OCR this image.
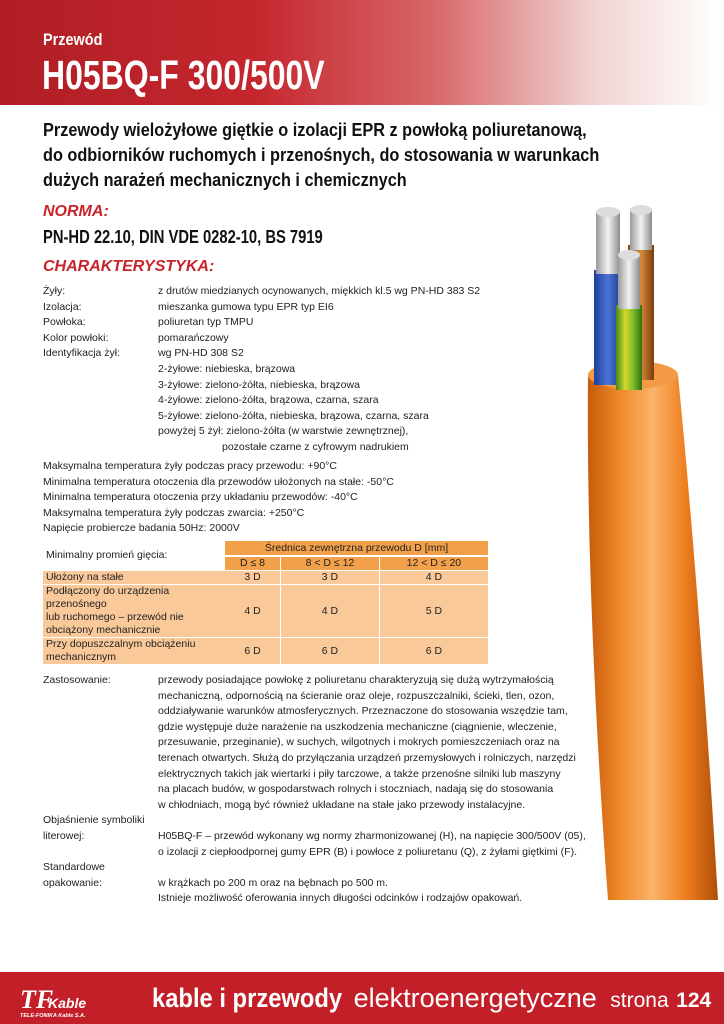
Przewód
H05BQ-F 300/500V
Przewody wielożyłowe giętkie o izolacji EPR z powłoką poliuretanową,
do odbiorników ruchomych i przenośnych, do stosowania w warunkach
dużych narażeń mechanicznych i chemicznych
NORMA:
PN-HD 22.10, DIN VDE 0282-10, BS 7919
CHARAKTERYSTYKA:
Żyły:	z drutów miedzianych ocynowanych, miękkich kl.5 wg PN-HD 383 S2
Izolacja:	mieszanka gumowa typu EPR typ EI6
Powłoka:	poliuretan typ TMPU
Kolor powłoki:	pomarańczowy
Identyfikacja żył:	wg PN-HD 308 S2
2-żyłowe: niebieska, brązowa
3-żyłowe: zielono-żółta, niebieska, brązowa
4-żyłowe: zielono-żółta, brązowa, czarna, szara
5-żyłowe: zielono-żółta, niebieska, brązowa, czarna, szara
powyżej 5 żył: zielono-żółta (w warstwie zewnętrznej),
pozostałe czarne z cyfrowym nadrukiem
Maksymalna temperatura żyły podczas pracy przewodu: +90°C
Minimalna temperatura otoczenia dla przewodów ułożonych na stałe: -50°C
Minimalna temperatura otoczenia przy układaniu przewodów: -40°C
Maksymalna temperatura żyły podczas zwarcia: +250°C
Napięcie probiercze badania 50Hz: 2000V
Minimalny promień gięcia:	Średnica zewnętrzna przewodu D [mm]		
	D ≤ 8	8 < D ≤ 12	12 < D ≤ 20

Ułożony na stałe	3 D	3 D	4 D

Podłączony do urządzenia przenośnego
lub ruchomego – przewód nie
obciążony mechanicznie	4 D	4 D	5 D

Przy dopuszczalnym obciążeniu
mechanicznym	6 D	6 D	6 D
Zastosowanie:	przewody posiadające powłokę z poliuretanu charakteryzują się dużą wytrzymałością
mechaniczną, odpornością na ścieranie oraz oleje, rozpuszczalniki, ścieki, tlen, ozon,
oddziaływanie warunków atmosferycznych. Przeznaczone do stosowania wszędzie tam,
gdzie występuje duże narażenie na uszkodzenia mechaniczne (ciągnienie, wleczenie,
przesuwanie, przeginanie), w suchych, wilgotnych i mokrych pomieszczeniach oraz na
terenach otwartych. Służą do przyłączania urządzeń przemysłowych i rolniczych, narzędzi
elektrycznych takich jak wiertarki i piły tarczowe, a także przenośne silniki lub maszyny
na placach budów, w gospodarstwach rolnych i stoczniach, nadają się do stosowania
w chłodniach, mogą być również układane na stałe jako przewody instalacyjne.
Objaśnienie symboliki
literowej:
	H05BQ-F – przewód wykonany wg normy zharmonizowanej (H), na napięcie 300/500V (05),
o izolacji z ciepłoodpornej gumy EPR (B) i powłoce z poliuretanu (Q), z żyłami giętkimi (F).
Standardowe
opakowanie:
	w krążkach po 200 m oraz na bębnach po 500 m.
Istnieje możliwość oferowania innych długości odcinków i rodzajów opakowań.
TF
Kable
TELE-FONIKA Kable S.A.
kable i przewody elektroenergetyczne strona 124
